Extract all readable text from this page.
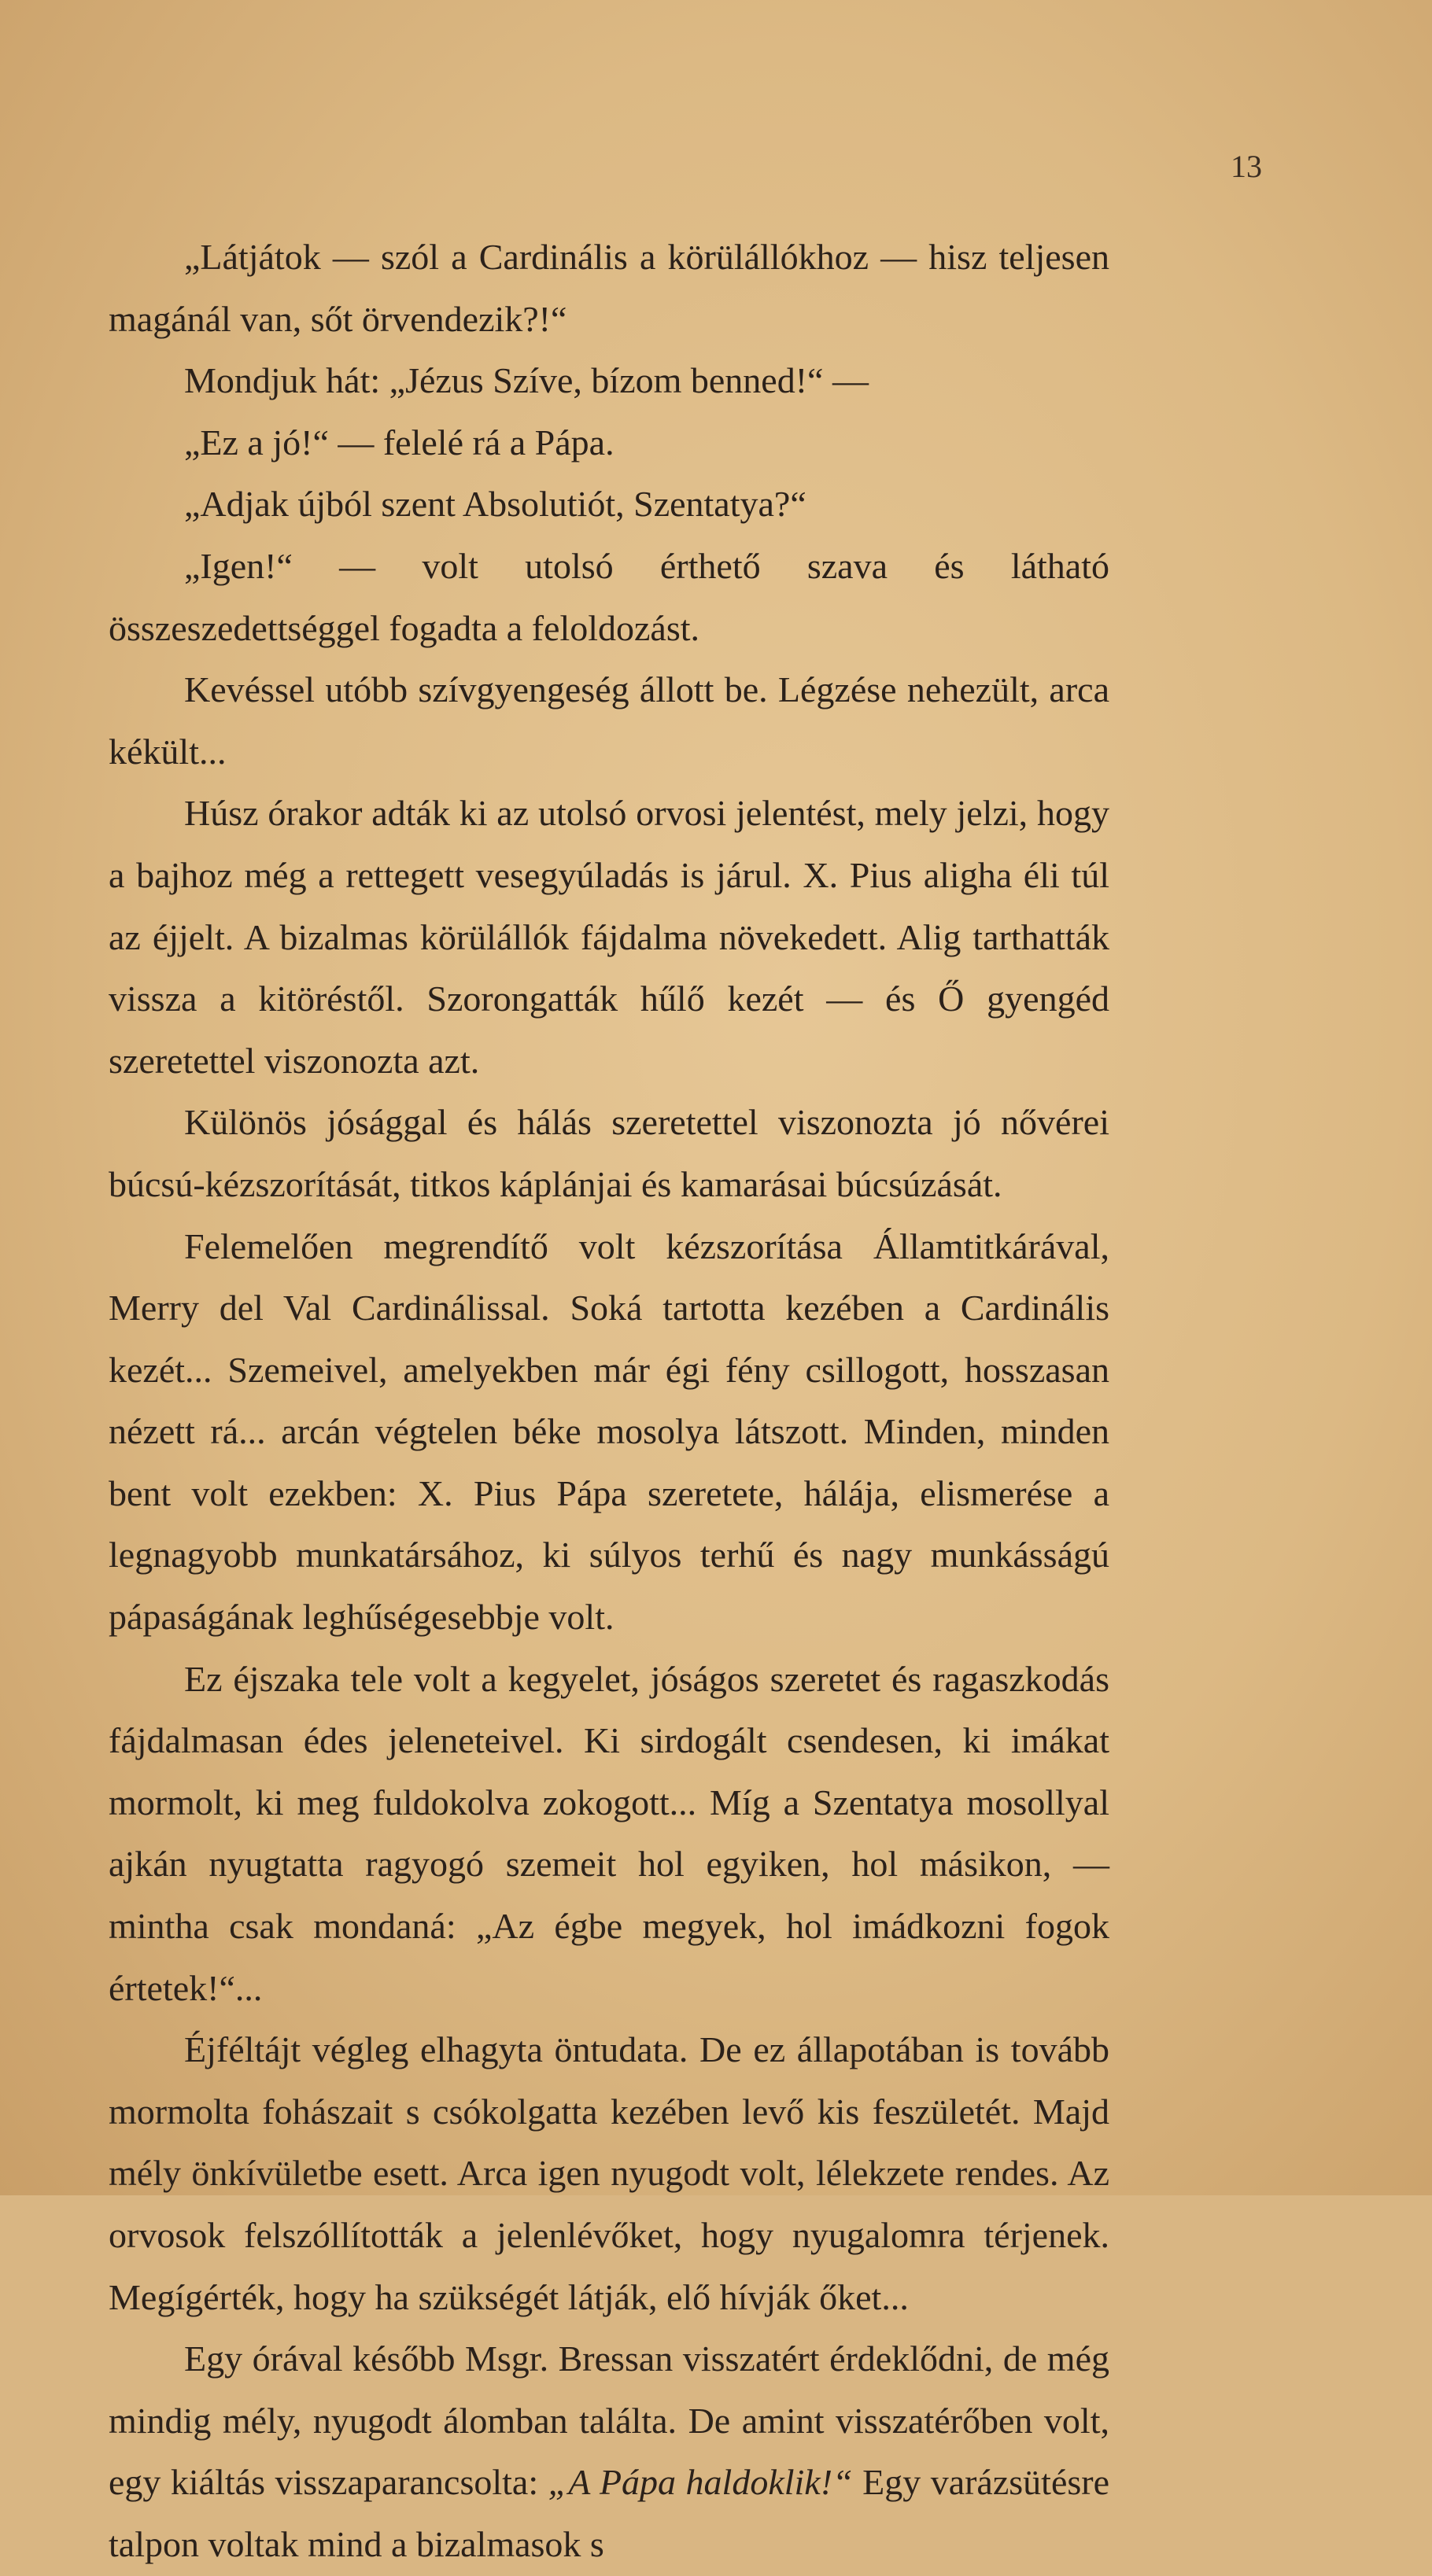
13

„Látjátok — szól a Cardinális a körülállókhoz — hisz teljesen magánál van, sőt örvendezik?!“

Mondjuk hát: „Jézus Szíve, bízom benned!“ —

„Ez a jó!“ — felelé rá a Pápa.

„Adjak újból szent Absolutiót, Szentatya?“

„Igen!“ — volt utolsó érthető szava és látható összeszedettséggel fogadta a feloldozást.

Kevéssel utóbb szívgyengeség állott be. Légzése nehezült, arca kékült...

Húsz órakor adták ki az utolsó orvosi jelentést, mely jelzi, hogy a bajhoz még a rettegett vesegyúladás is járul. X. Pius aligha éli túl az éjjelt. A bizalmas körülállók fájdalma növekedett. Alig tarthatták vissza a kitöréstől. Szorongatták hűlő kezét — és Ő gyengéd szeretettel viszonozta azt.

Különös jósággal és hálás szeretettel viszonozta jó nővérei búcsú-kézszorítását, titkos káplánjai és kamarásai búcsúzását.

Felemelően megrendítő volt kézszorítása Államtitkárával, Merry del Val Cardinálissal. Soká tartotta kezében a Cardinális kezét... Szemeivel, amelyekben már égi fény csillogott, hosszasan nézett rá... arcán végtelen béke mosolya látszott. Minden, minden bent volt ezekben: X. Pius Pápa szeretete, hálája, elismerése a legnagyobb munkatársához, ki súlyos terhű és nagy munkásságú pápaságának leghűségesebbje volt.

Ez éjszaka tele volt a kegyelet, jóságos szeretet és ragaszkodás fájdalmasan édes jeleneteivel. Ki sirdogált csendesen, ki imákat mormolt, ki meg fuldokolva zokogott... Míg a Szentatya mosollyal ajkán nyugtatta ragyogó szemeit hol egyiken, hol másikon, — mintha csak mondaná: „Az égbe megyek, hol imádkozni fogok értetek!“...

Éjféltájt végleg elhagyta öntudata. De ez állapotában is tovább mormolta fohászait s csókolgatta kezében levő kis feszületét. Majd mély önkívületbe esett. Arca igen nyugodt volt, lélekzete rendes. Az orvosok felszóllították a jelenlévőket, hogy nyugalomra térjenek. Megígérték, hogy ha szükségét látják, elő hívják őket...

Egy órával később Msgr. Bressan visszatért érdeklődni, de még mindig mély, nyugodt álomban találta. De amint visszatérőben volt, egy kiáltás visszaparancsolta: „A Pápa haldoklik!“ Egy varázsütésre talpon voltak mind a bizalmasok s
